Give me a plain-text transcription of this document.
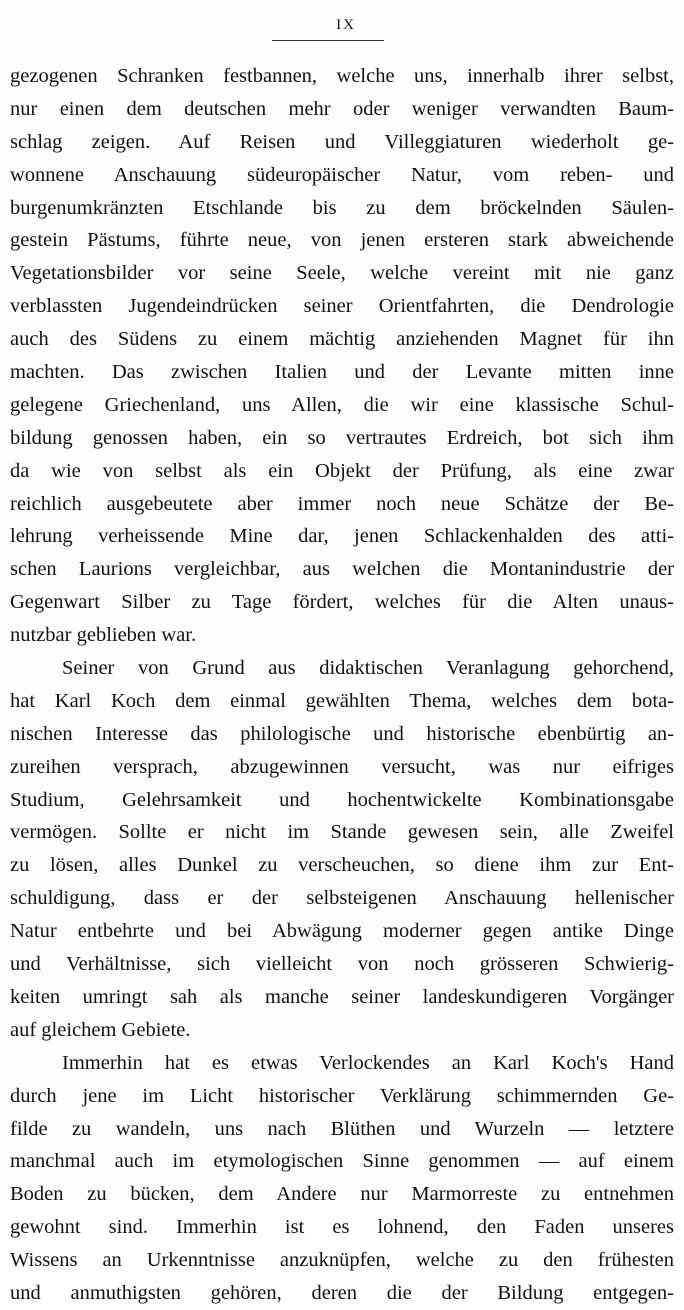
IX
gezogenen Schranken festbannen, welche uns, innerhalb ihrer selbst,
nur einen dem deutschen mehr oder weniger verwandten Baum-
schlag zeigen. Auf Reisen und Villeggiaturen wiederholt ge-
wonnene Anschauung südeuropäischer Natur, vom reben- und
burgenumkränzten Etschlande bis zu dem bröckelnden Säulen-
gestein Pästums, führte neue, von jenen ersteren stark abweichende
Vegetationsbilder vor seine Seele, welche vereint mit nie ganz
verblassten Jugendeindrücken seiner Orientfahrten, die Dendrologie
auch des Südens zu einem mächtig anziehenden Magnet für ihn
machten. Das zwischen Italien und der Levante mitten inne
gelegene Griechenland, uns Allen, die wir eine klassische Schul-
bildung genossen haben, ein so vertrautes Erdreich, bot sich ihm
da wie von selbst als ein Objekt der Prüfung, als eine zwar
reichlich ausgebeutete aber immer noch neue Schätze der Be-
lehrung verheissende Mine dar, jenen Schlackenhalden des atti-
schen Laurions vergleichbar, aus welchen die Montanindustrie der
Gegenwart Silber zu Tage fördert, welches für die Alten unaus-
nutzbar geblieben war.
Seiner von Grund aus didaktischen Veranlagung gehorchend,
hat Karl Koch dem einmal gewählten Thema, welches dem bota-
nischen Interesse das philologische und historische ebenbürtig an-
zureihen versprach, abzugewinnen versucht, was nur eifriges
Studium, Gelehrsamkeit und hochentwickelte Kombinationsgabe
vermögen. Sollte er nicht im Stande gewesen sein, alle Zweifel
zu lösen, alles Dunkel zu verscheuchen, so diene ihm zur Ent-
schuldigung, dass er der selbsteigenen Anschauung hellenischer
Natur entbehrte und bei Abwägung moderner gegen antike Dinge
und Verhältnisse, sich vielleicht von noch grösseren Schwierig-
keiten umringt sah als manche seiner landeskundigeren Vorgänger
auf gleichem Gebiete.
Immerhin hat es etwas Verlockendes an Karl Koch's Hand
durch jene im Licht historischer Verklärung schimmernden Ge-
filde zu wandeln, uns nach Blüthen und Wurzeln — letztere
manchmal auch im etymologischen Sinne genommen — auf einem
Boden zu bücken, dem Andere nur Marmorreste zu entnehmen
gewohnt sind. Immerhin ist es lohnend, den Faden unseres
Wissens an Urkenntnisse anzuknüpfen, welche zu den frühesten
und anmuthigsten gehören, deren die der Bildung entgegen-
